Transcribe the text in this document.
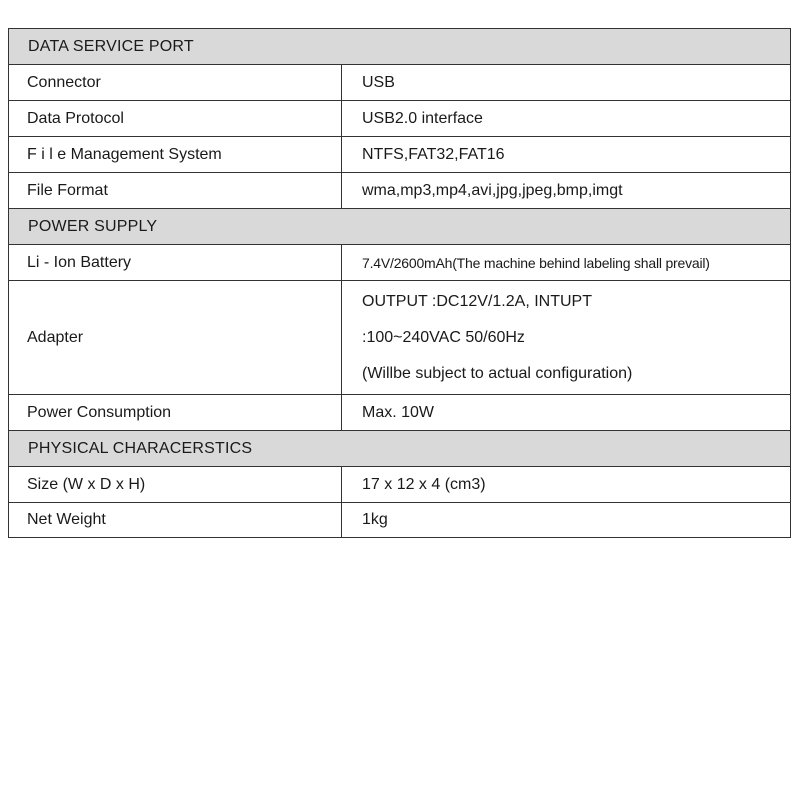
DATA SERVICE PORT
Connector	USB
Data Protocol	USB2.0 interface
F i l e Management System	NTFS,FAT32,FAT16
File Format	wma,mp3,mp4,avi,jpg,jpeg,bmp,imgt
POWER SUPPLY
Li - Ion Battery	7.4V/2600mAh(The machine behind labeling shall prevail)
Adapter
OUTPUT :DC12V/1.2A, INTUPT
:100~240VAC 50/60Hz
(Willbe subject to actual configuration)
Power Consumption	Max. 10W
PHYSICAL CHARACERSTICS
Size (W x D x H)	17 x 12 x 4 (cm3)
Net Weight	1kg
